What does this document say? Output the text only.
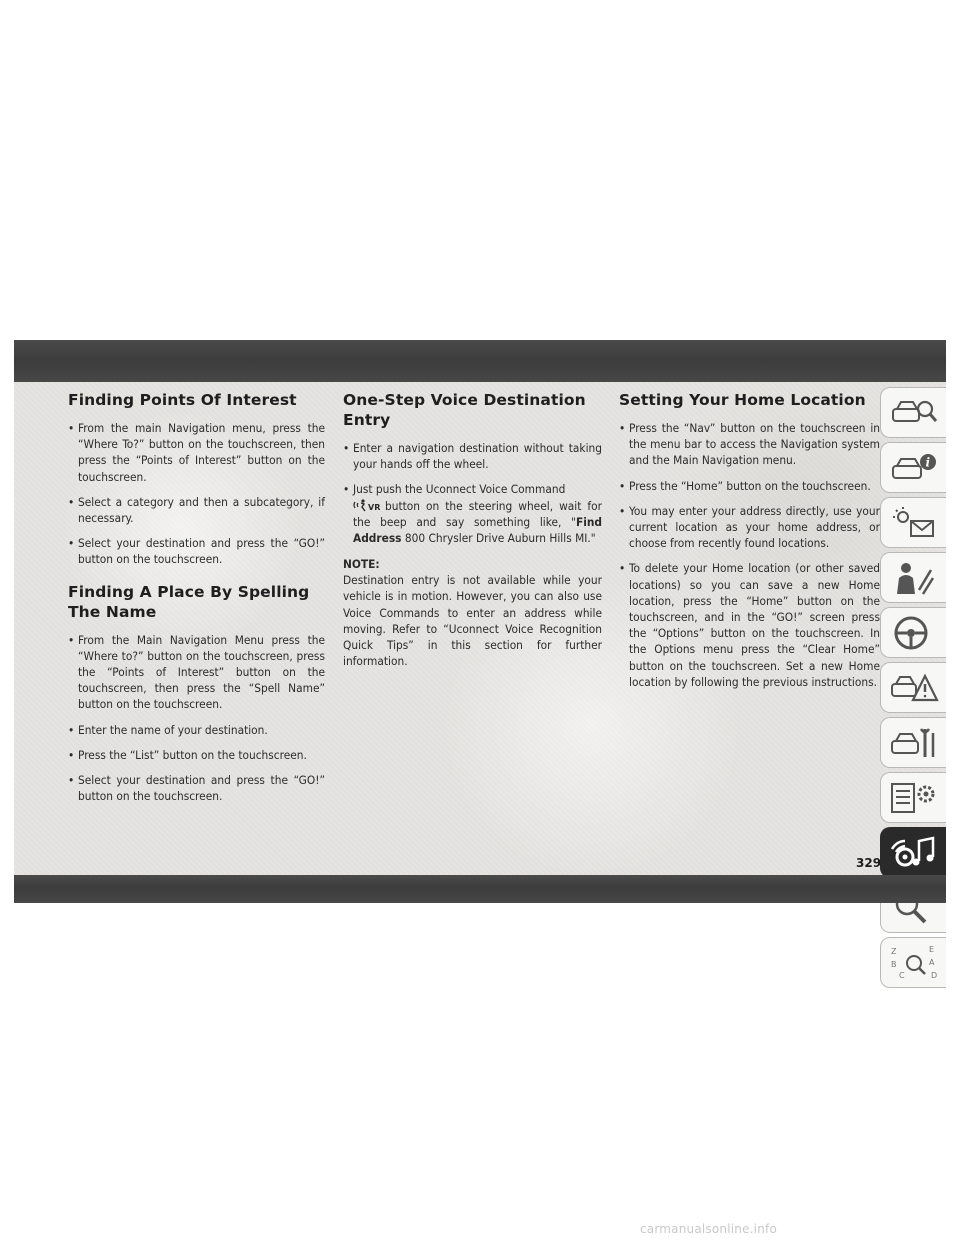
Finding Points Of Interest
• From the main Navigation menu, press the “Where To?” button on the touchscreen, then press the “Points of Interest” button on the touchscreen.
• Select a category and then a subcategory, if necessary.
• Select your destination and press the “GO!” button on the touchscreen.
Finding A Place By Spelling The Name
• From the Main Navigation Menu press the “Where to?” button on the touchscreen, press the “Points of Interest” button on the touchscreen, then press the “Spell Name” button on the touchscreen.
• Enter the name of your destination.
• Press the “List” button on the touchscreen.
• Select your destination and press the “GO!” button on the touchscreen.
One-Step Voice Destination Entry
• Enter a navigation destination without taking your hands off the wheel.
• Just push the Uconnect Voice Command

VR button on the steering wheel, wait for the beep and say something like, "Find Address 800 Chrysler Drive Auburn Hills MI."
NOTE:
Destination entry is not available while your vehicle is in motion. However, you can also use Voice Commands to enter an address while moving. Refer to “Uconnect Voice Recognition Quick Tips” in this section for further information.
Setting Your Home Location
• Press the “Nav” button on the touchscreen in the menu bar to access the Navigation system and the Main Navigation menu.
• Press the “Home” button on the touchscreen.
• You may enter your address directly, use your current location as your home address, or choose from recently found locations.
• To delete your Home location (or other saved locations) so you can save a new Home location, press the “Home” button on the touchscreen, and in the “GO!” screen press the “Options” button on the touchscreen. In the Options menu press the “Clear Home” button on the touchscreen. Set a new Home location by following the previous instructions.
i
Z	E
B	A
C	D
329
carmanualsonline.info
